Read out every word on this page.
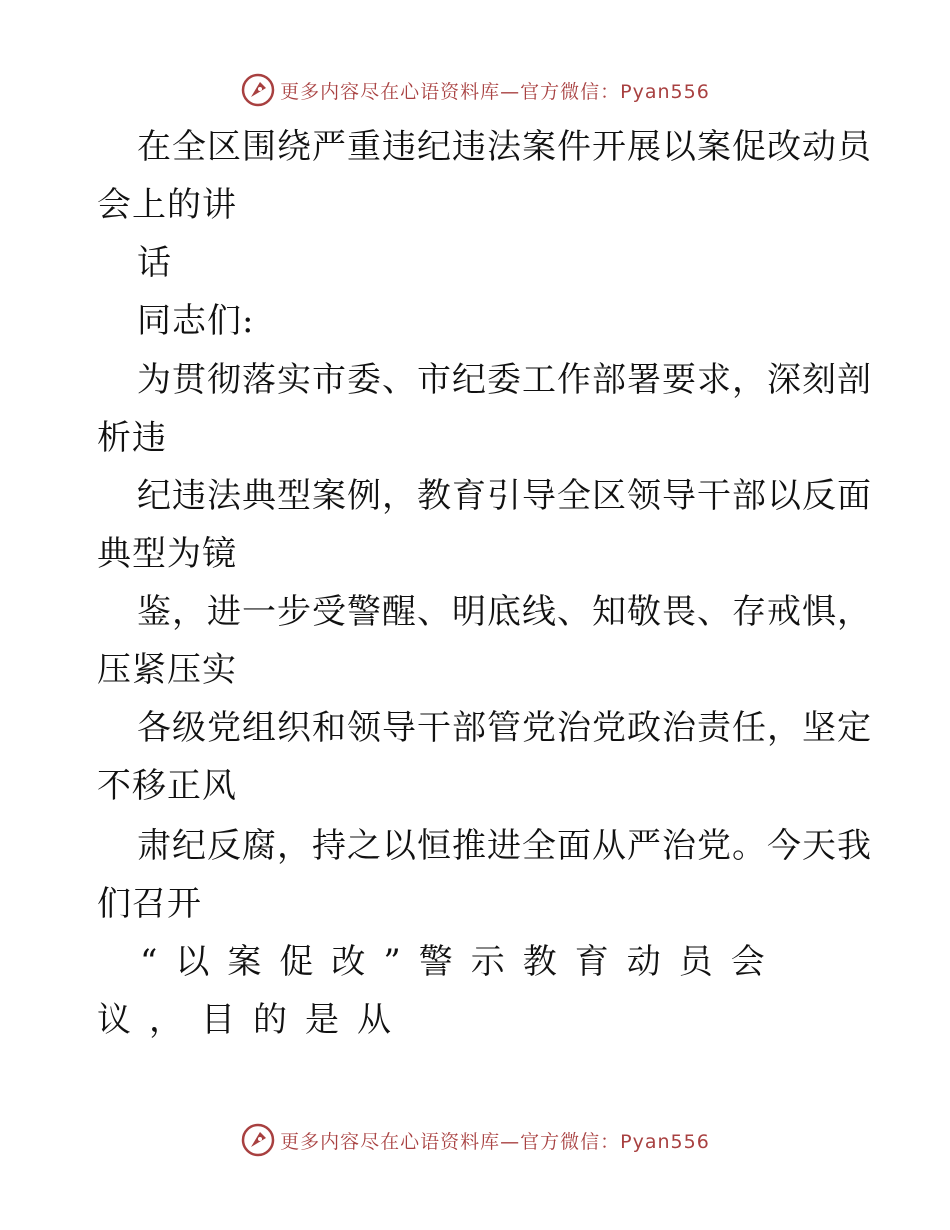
更多内容尽在心语资料库—官方微信：Pyan556
在全区围绕严重违纪违法案件开展以案促改动员
会上的讲
话
同志们:
为贯彻落实市委、市纪委工作部署要求，深刻剖
析违
纪违法典型案例，教育引导全区领导干部以反面
典型为镜
鉴，进一步受警醒、明底线、知敬畏、存戒惧，
压紧压实
各级党组织和领导干部管党治党政治责任，坚定
不移正风
肃纪反腐，持之以恒推进全面从严治党。今天我
们召开
“以案促改”警示教育动员会
议，目的是从
更多内容尽在心语资料库—官方微信：Pyan556
